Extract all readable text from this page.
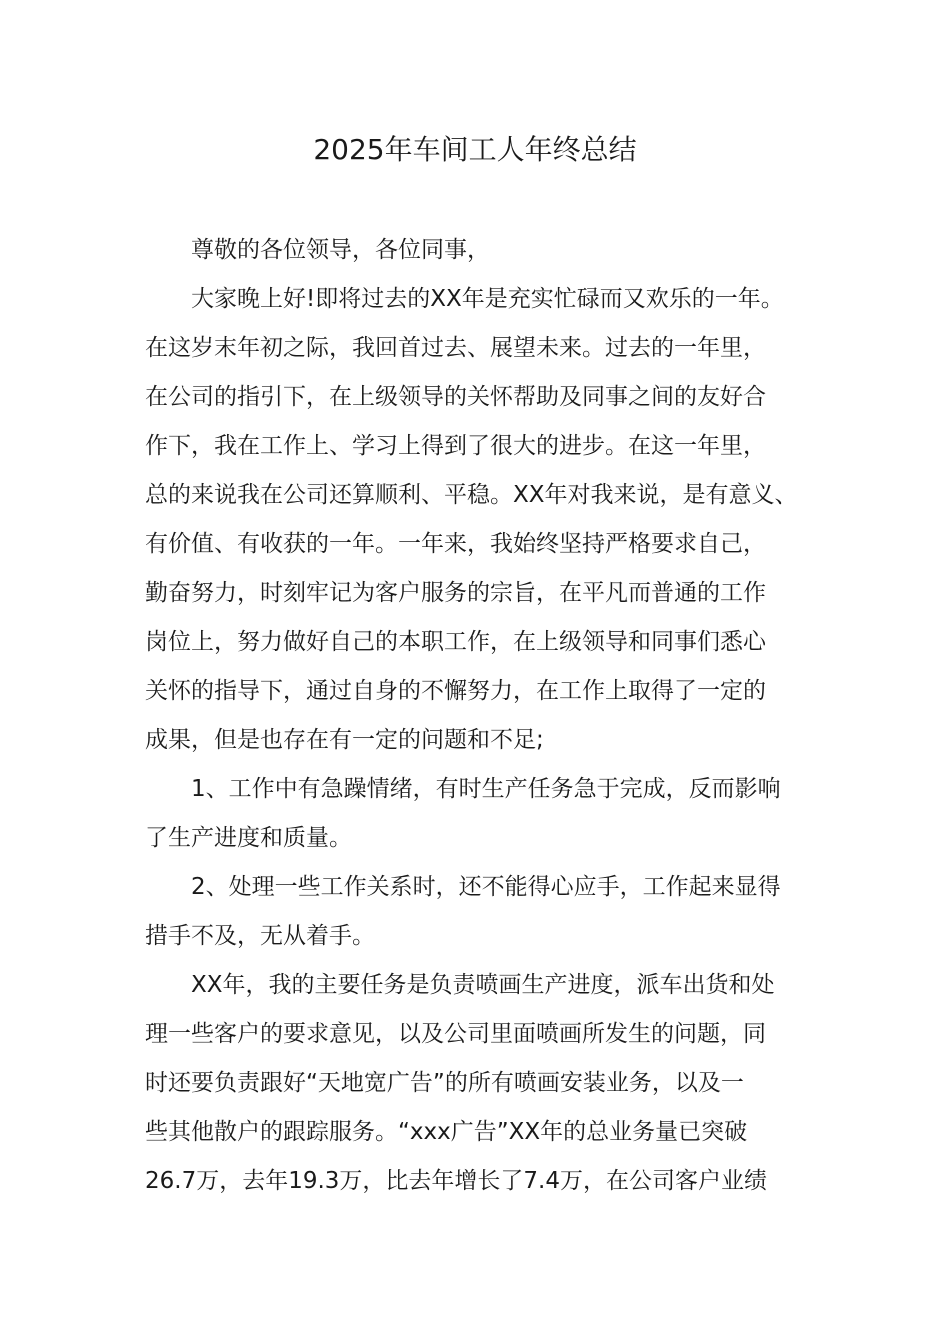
2025年车间工人年终总结

尊敬的各位领导，各位同事，

大家晚上好!即将过去的XX年是充实忙碌而又欢乐的一年。
在这岁末年初之际，我回首过去、展望未来。过去的一年里，
在公司的指引下，在上级领导的关怀帮助及同事之间的友好合
作下，我在工作上、学习上得到了很大的进步。在这一年里，
总的来说我在公司还算顺利、平稳。XX年对我来说，是有意义、
有价值、有收获的一年。一年来，我始终坚持严格要求自己，
勤奋努力，时刻牢记为客户服务的宗旨，在平凡而普通的工作
岗位上，努力做好自己的本职工作，在上级领导和同事们悉心
关怀的指导下，通过自身的不懈努力，在工作上取得了一定的
成果，但是也存在有一定的问题和不足;

1、工作中有急躁情绪，有时生产任务急于完成，反而影响
了生产进度和质量。

2、处理一些工作关系时，还不能得心应手，工作起来显得
措手不及，无从着手。

XX年，我的主要任务是负责喷画生产进度，派车出货和处
理一些客户的要求意见，以及公司里面喷画所发生的问题，同
时还要负责跟好“天地宽广告”的所有喷画安装业务，以及一
些其他散户的跟踪服务。“xxx广告”XX年的总业务量已突破
26.7万，去年19.3万，比去年增长了7.4万，在公司客户业绩
